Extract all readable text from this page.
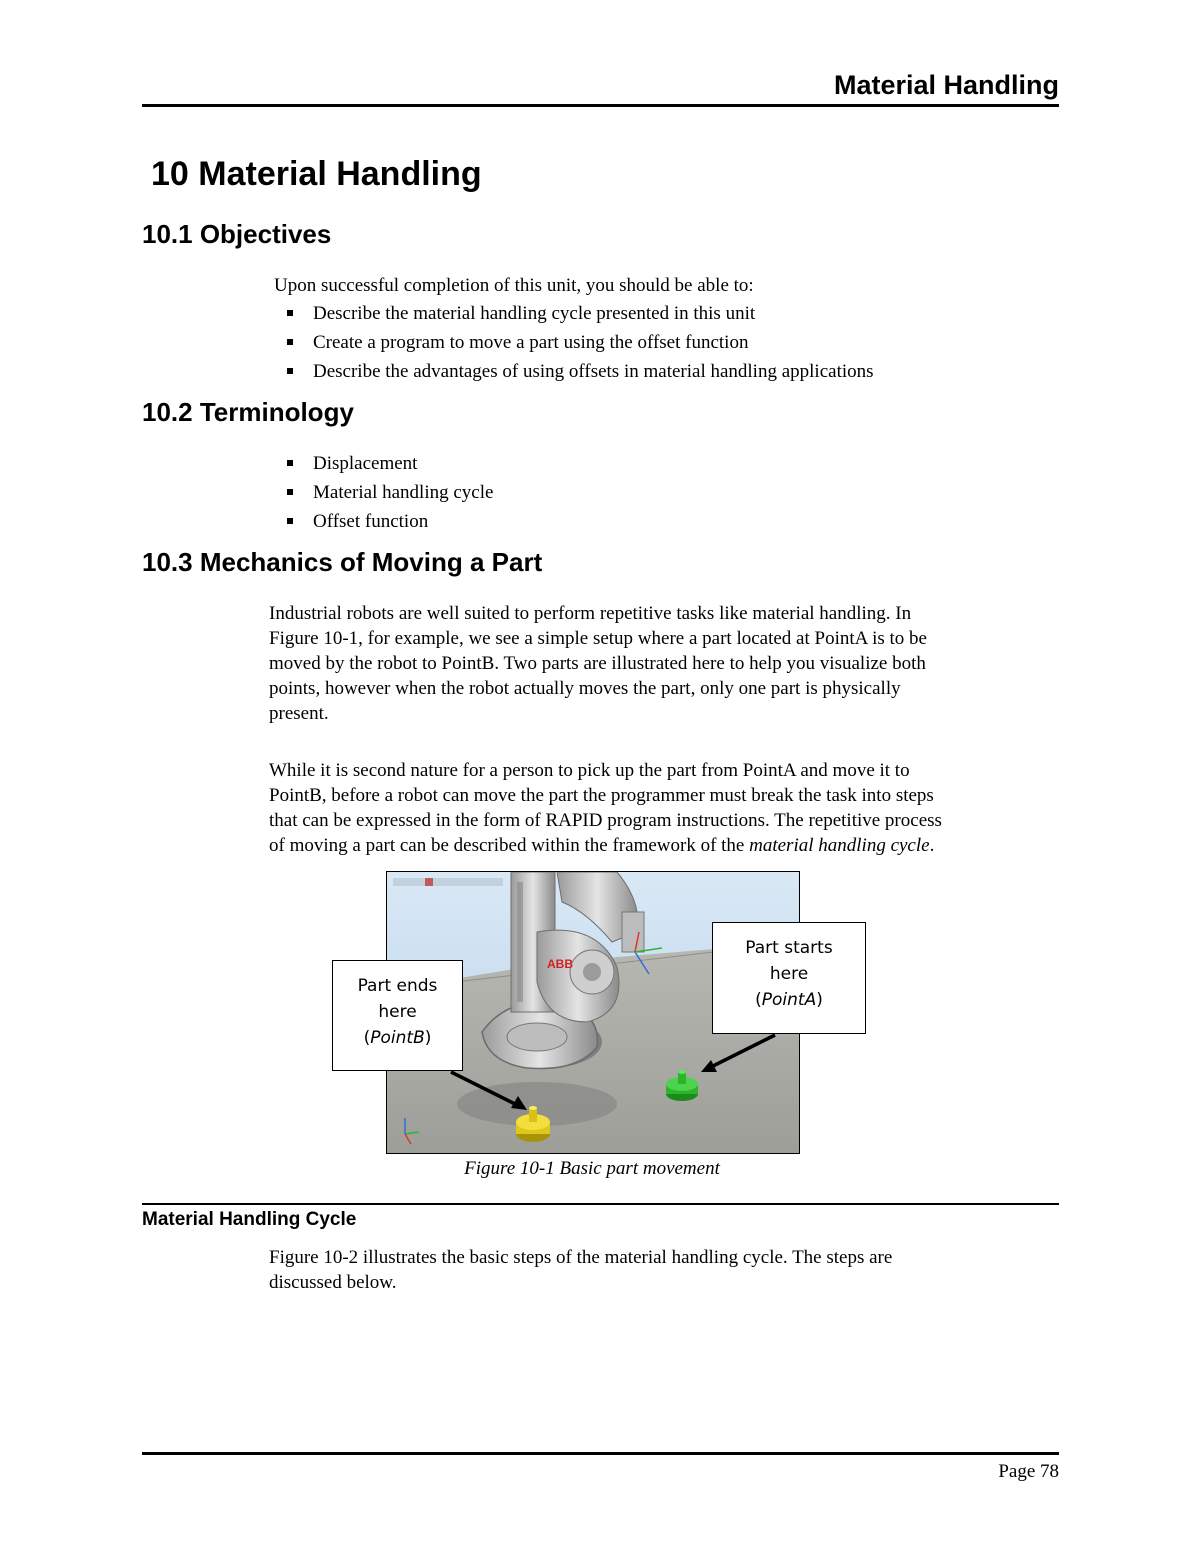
Material Handling
10 Material Handling
10.1 Objectives
Upon successful completion of this unit, you should be able to:
Describe the material handling cycle presented in this unit
Create a program to move a part using the offset function
Describe the advantages of using offsets in material handling applications
10.2 Terminology
Displacement
Material handling cycle
Offset function
10.3 Mechanics of Moving a Part
Industrial robots are well suited to perform repetitive tasks like material handling. In
Figure 10-1, for example, we see a simple setup where a part located at PointA is to be
moved by the robot to PointB. Two parts are illustrated here to help you visualize both
points, however when the robot actually moves the part, only one part is physically
present.
While it is second nature for a person to pick up the part from PointA and move it to
PointB, before a robot can move the part the programmer must break the task into steps
that can be expressed in the form of RAPID program instructions. The repetitive process
of moving a part can be described within the framework of the material handling cycle.
ABB
Part ends
here
(PointB)
Part starts
here
(PointA)
Figure 10-1 Basic part movement
Material Handling Cycle
Figure 10-2 illustrates the basic steps of the material handling cycle. The steps are
discussed below.
Page 78
